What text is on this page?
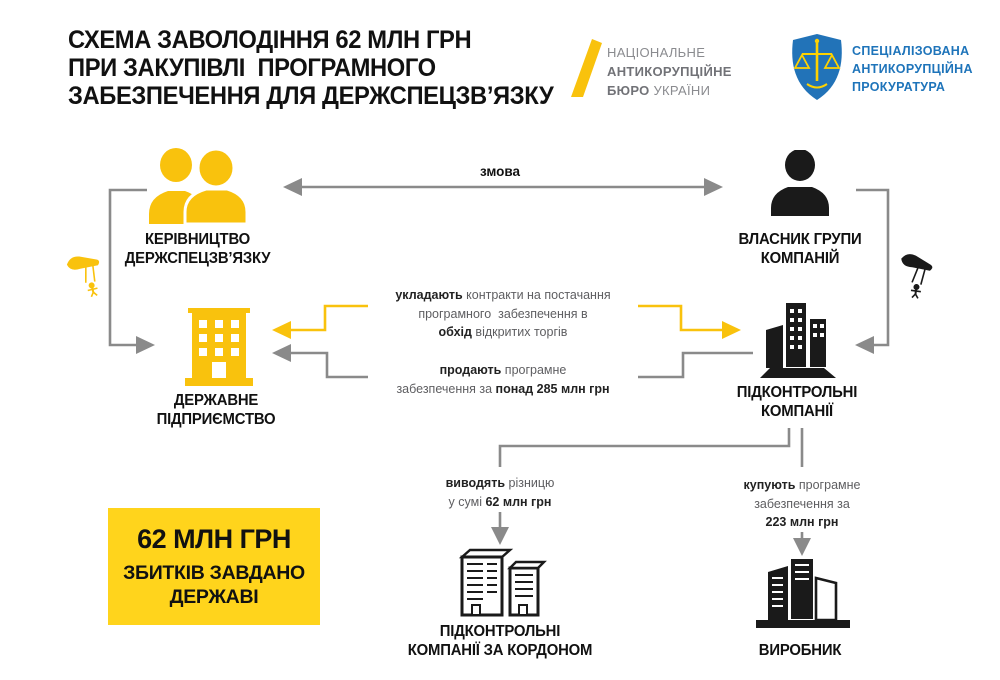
СХЕМА ЗАВОЛОДІННЯ 62 МЛН ГРН
ПРИ ЗАКУПІВЛІ  ПРОГРАМНОГО
ЗАБЕЗПЕЧЕННЯ ДЛЯ ДЕРЖСПЕЦЗВ’ЯЗКУ
НАЦІОНАЛЬНЕ
АНТИКОРУПЦІЙНЕ
БЮРО УКРАЇНИ
СПЕЦІАЛІЗОВАНА
АНТИКОРУПЦІЙНА
ПРОКУРАТУРА
змова
КЕРІВНИЦТВО
ДЕРЖСПЕЦЗВ’ЯЗКУ
ВЛАСНИК ГРУПИ
КОМПАНІЙ
ДЕРЖАВНЕ
ПІДПРИЄМСТВО
ПІДКОНТРОЛЬНІ
КОМПАНІЇ
укладають контракти на постачання
програмного  забезпечення в
обхід відкритих торгів
продають програмне
забезпечення за понад 285 млн грн
виводять різницю
у сумі 62 млн грн
купують програмне
забезпечення за
223 млн грн
ПІДКОНТРОЛЬНІ
КОМПАНІЇ ЗА КОРДОНОМ	ВИРОБНИК
62 МЛН ГРН
ЗБИТКІВ ЗАВДАНО
ДЕРЖАВІ
